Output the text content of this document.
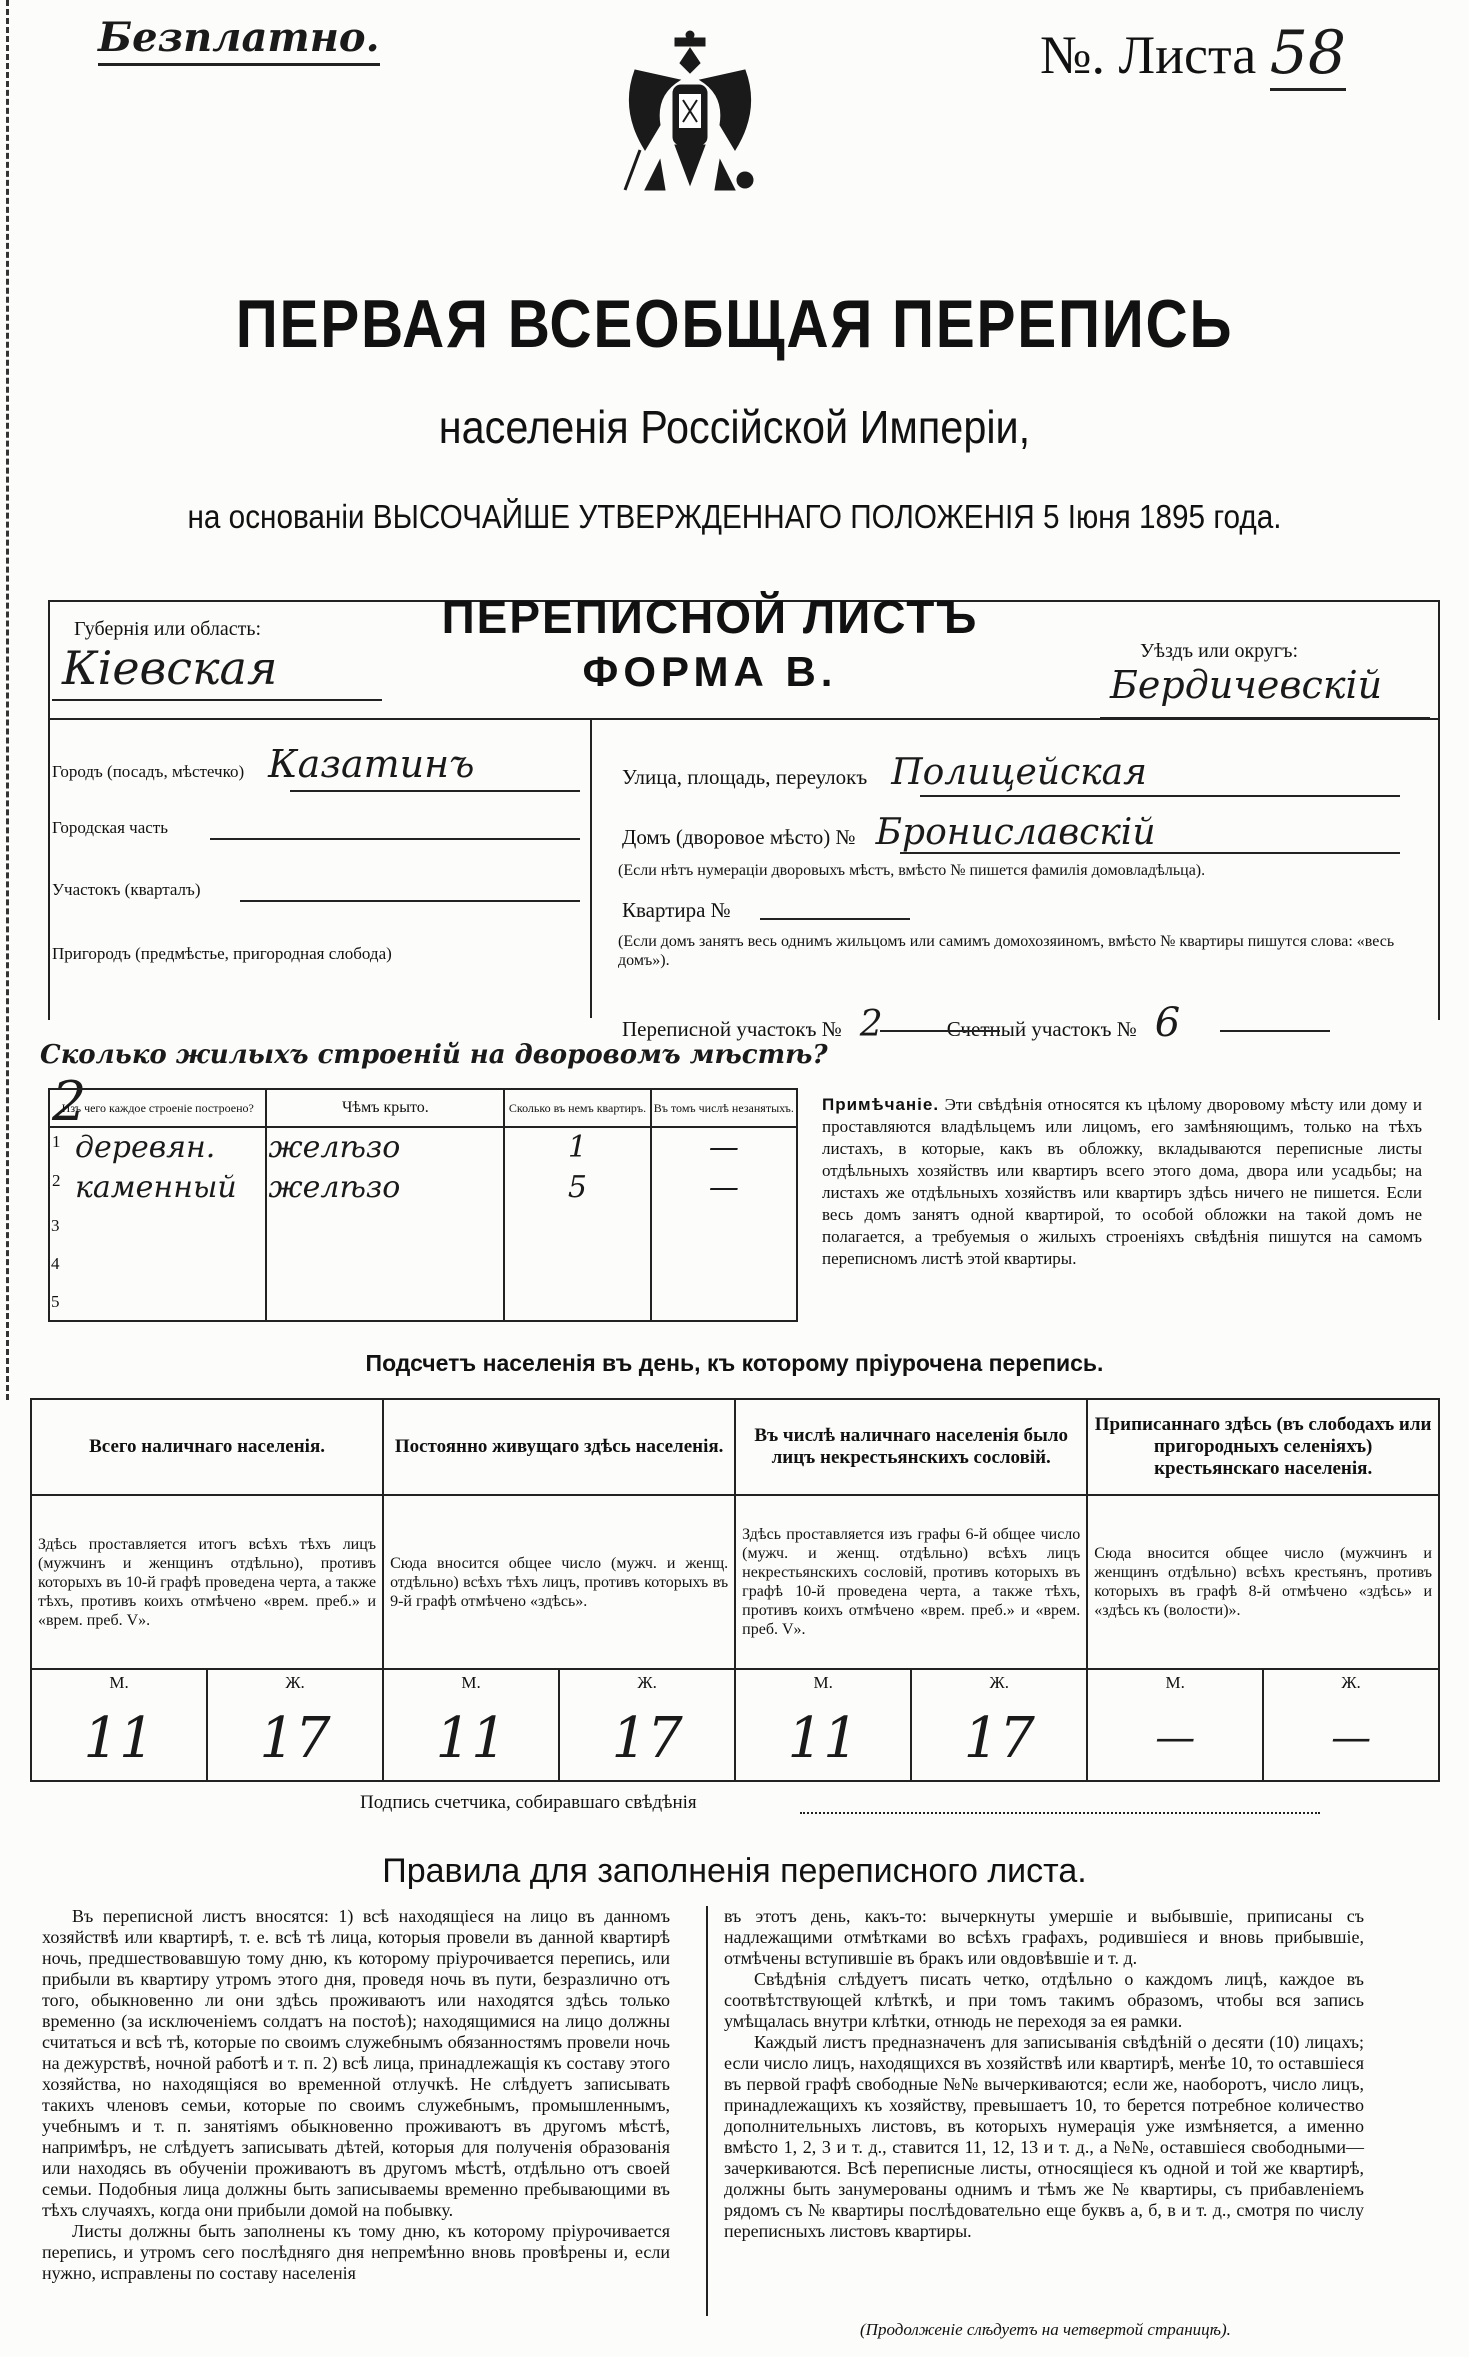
Безплатно.	№. Листа 58
ПЕРВАЯ ВСЕОБЩАЯ ПЕРЕПИСЬ
населенія Россійской Имперіи,
на основаніи ВЫСОЧАЙШЕ УТВЕРЖДЕННАГО ПОЛОЖЕНІЯ 5 Іюня 1895 года.
ПЕРЕПИСНОЙ ЛИСТЪ
ФОРМА В.
Губернія или область:
Кіевская	Уѣздъ или округъ:
Бердичевскій
Городъ (посадъ, мѣстечко) Казатинъ
Городская часть
Участокъ (кварталъ)
Пригородъ (предмѣстье, пригородная слобода)
Улица, площадь, переулокъ Полицейская
Домъ (дворовое мѣсто) № Брониславскій
(Если нѣтъ нумераціи дворовыхъ мѣстъ, вмѣсто № пишется фамилія домовладѣльца).
Квартира №
(Если домъ занятъ весь однимъ жильцомъ или самимъ домохозяиномъ, вмѣсто № квартиры пишутся слова: «весь домъ»).
Переписной участокъ № 2	Счетный участокъ № 6
Сколько жилыхъ строеній на дворовомъ мѣстѣ? 2
Изъ чего каждое строеніе построено?	Чѣмъ крыто.	Сколько въ немъ квартиръ.	Въ томъ числѣ незанятыхъ.

1 деревян.	желѣзо	1	—

2 каменный	желѣзо	5	—
3			
4			
5			
Примѣчаніе. Эти свѣдѣнія относятся къ цѣлому дворовому мѣсту или дому и проставляются владѣльцемъ или лицомъ, его замѣняющимъ, только на тѣхъ листахъ, в которые, какъ въ обложку, вкладываются переписные листы отдѣльныхъ хозяйствъ или квартиръ всего этого дома, двора или усадьбы; на листахъ же отдѣльныхъ хозяйствъ или квартиръ здѣсь ничего не пишется. Если весь домъ занятъ одной квартирой, то особой обложки на такой домъ не полагается, а требуемыя о жилыхъ строеніяхъ свѣдѣнія пишутся на самомъ переписномъ листѣ этой квартиры.
Подсчетъ населенія въ день, къ которому пріурочена перепись.
Всего наличнаго населенія.	Постоянно живущаго здѣсь населенія.	Въ числѣ наличнаго населенія было лицъ некрестьянскихъ сословій.	Приписаннаго здѣсь (въ слободахъ или пригородныхъ селеніяхъ) крестьянскаго населенія.
Здѣсь проставляется итогъ всѣхъ тѣхъ лицъ (мужчинъ и женщинъ отдѣльно), противъ которыхъ въ 10-й графѣ проведена черта, а также тѣхъ, противъ коихъ отмѣчено «врем. преб.» и «врем. преб. V».	Сюда вносится общее число (мужч. и женщ. отдѣльно) всѣхъ тѣхъ лицъ, противъ которыхъ въ 9-й графѣ отмѣчено «здѣсь».	Здѣсь проставляется изъ графы 6-й общее число (мужч. и женщ. отдѣльно) всѣхъ лицъ некрестьянскихъ сословій, противъ которыхъ въ графѣ 10-й проведена черта, а также тѣхъ, противъ коихъ отмѣчено «врем. преб.» и «врем. преб. V».	Сюда вносится общее число (мужчинъ и женщинъ отдѣльно) всѣхъ крестьянъ, противъ которыхъ въ графѣ 8-й отмѣчено «здѣсь» и «здѣсь къ (волости)».

М.	Ж.
11	17

М.	Ж.
11	17

М.	Ж.
11	17

М.	Ж.
—	—
Подпись счетчика, собиравшаго свѣдѣнія
Правила для заполненія переписного листа.

Въ переписной листъ вносятся: 1) всѣ находящіеся на лицо въ данномъ хозяйствѣ или квартирѣ, т. е. всѣ тѣ лица, которыя провели въ данной квартирѣ ночь, предшествовавшую тому дню, къ которому пріурочивается перепись, или прибыли въ квартиру утромъ этого дня, проведя ночь въ пути, безразлично отъ того, обыкновенно ли они здѣсь проживаютъ или находятся здѣсь только временно (за исключеніемъ солдатъ на постоѣ); находящимися на лицо должны считаться и всѣ тѣ, которые по своимъ служебнымъ обязанностямъ провели ночь на дежурствѣ, ночной работѣ и т. п. 2) всѣ лица, принадлежащія къ составу этого хозяйства, но находящіяся во временной отлучкѣ. Не слѣдуетъ записывать такихъ членовъ семьи, которые по своимъ служебнымъ, промышленнымъ, учебнымъ и т. п. занятіямъ обыкновенно проживаютъ въ другомъ мѣстѣ, напримѣръ, не слѣдуетъ записывать дѣтей, которыя для полученія образованія или находясь въ обученіи проживаютъ въ другомъ мѣстѣ, отдѣльно отъ своей семьи. Подобныя лица должны быть записываемы временно пребывающими въ тѣхъ случаяхъ, когда они прибыли домой на побывку.

Листы должны быть заполнены къ тому дню, къ которому пріурочивается перепись, и утромъ сего послѣдняго дня непремѣнно вновь провѣрены и, если нужно, исправлены по составу населенія

въ этотъ день, какъ-то: вычеркнуты умершіе и выбывшіе, приписаны съ надлежащими отмѣтками во всѣхъ графахъ, родившіеся и вновь прибывшіе, отмѣчены вступившіе въ бракъ или овдовѣвшіе и т. д.

Свѣдѣнія слѣдуетъ писать четко, отдѣльно о каждомъ лицѣ, каждое въ соотвѣтствующей клѣткѣ, и при томъ такимъ образомъ, чтобы вся запись умѣщалась внутри клѣтки, отнюдь не переходя за ея рамки.

Каждый листъ предназначенъ для записыванія свѣдѣній о десяти (10) лицахъ; если число лицъ, находящихся въ хозяйствѣ или квартирѣ, менѣе 10, то оставшіеся въ первой графѣ свободные №№ вычеркиваются; если же, наоборотъ, число лицъ, принадлежащихъ къ хозяйству, превышаетъ 10, то берется потребное количество дополнительныхъ листовъ, въ которыхъ нумерація уже измѣняется, а именно вмѣсто 1, 2, 3 и т. д., ставится 11, 12, 13 и т. д., а №№, оставшіеся свободными—зачеркиваются. Всѣ переписные листы, относящіеся къ одной и той же квартирѣ, должны быть занумерованы однимъ и тѣмъ же № квартиры, съ прибавленіемъ рядомъ съ № квартиры послѣдовательно еще буквъ а, б, в и т. д., смотря по числу переписныхъ листовъ квартиры.

(Продолженіе слѣдуетъ на четвертой страницѣ).
